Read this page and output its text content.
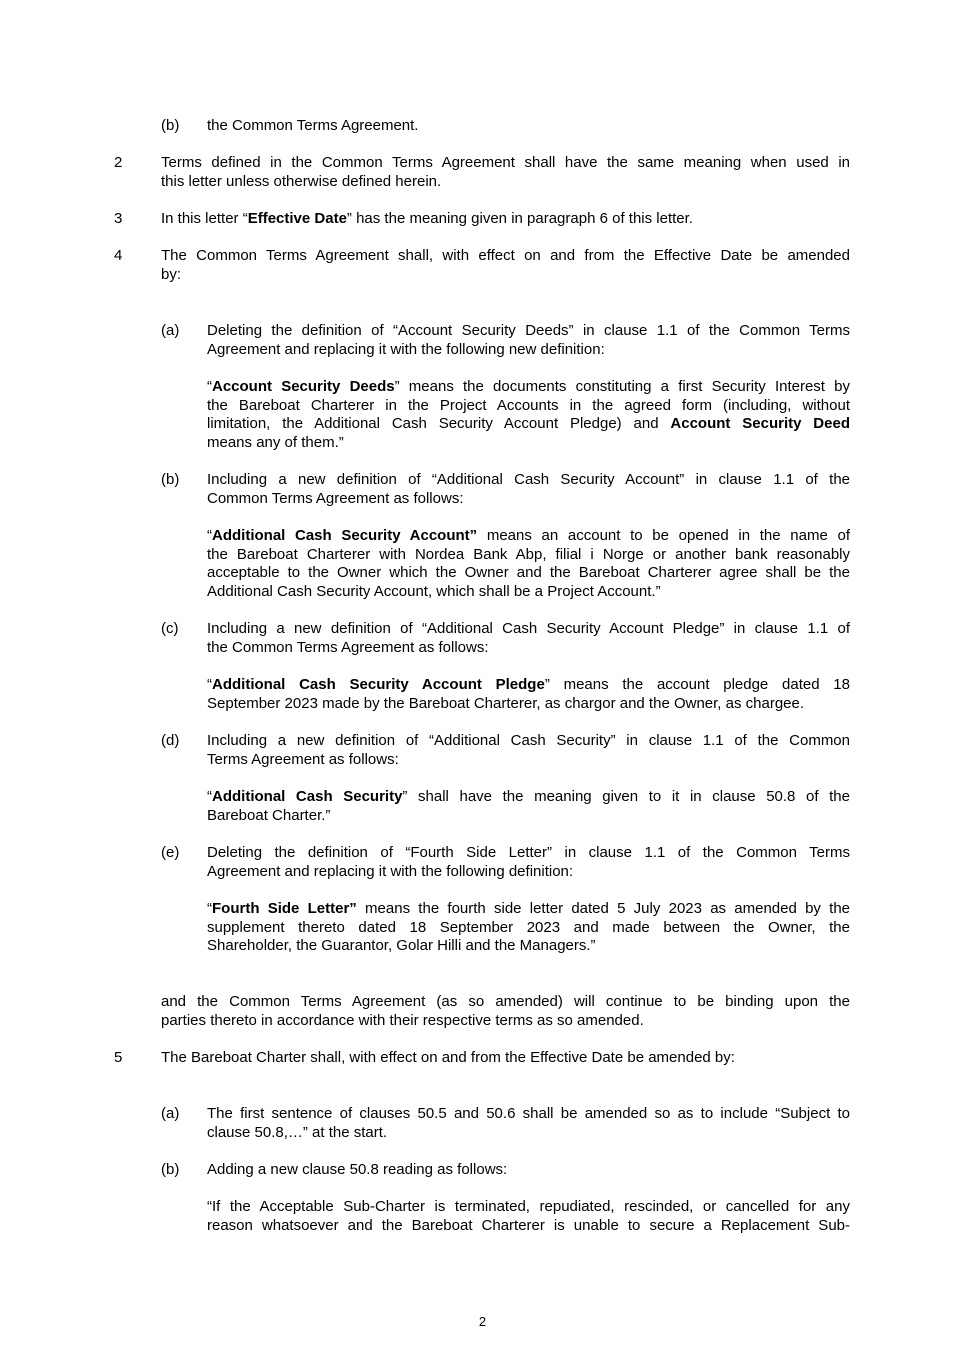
(b) the Common Terms Agreement.
2	Terms defined in the Common Terms Agreement shall have the same meaning when used in
this letter unless otherwise defined herein.
3	In this letter “Effective Date” has the meaning given in paragraph 6 of this letter.
4	The Common Terms Agreement shall, with effect on and from the Effective Date be amended
by:
(a) Deleting the definition of “Account Security Deeds” in clause 1.1 of the Common Terms
Agreement and replacing it with the following new definition:
“Account Security Deeds” means the documents constituting a first Security Interest by
the Bareboat Charterer in the Project Accounts in the agreed form (including, without
limitation, the Additional Cash Security Account Pledge) and Account Security Deed
means any of them.”
(b) Including a new definition of “Additional Cash Security Account” in clause 1.1 of the
Common Terms Agreement as follows:
“Additional Cash Security Account” means an account to be opened in the name of
the Bareboat Charterer with Nordea Bank Abp, filial i Norge or another bank reasonably
acceptable to the Owner which the Owner and the Bareboat Charterer agree shall be the
Additional Cash Security Account, which shall be a Project Account.”
(c) Including a new definition of “Additional Cash Security Account Pledge” in clause 1.1 of
the Common Terms Agreement as follows:
“Additional Cash Security Account Pledge” means the account pledge dated 18
September 2023 made by the Bareboat Charterer, as chargor and the Owner, as chargee.
(d) Including a new definition of “Additional Cash Security” in clause 1.1 of the Common
Terms Agreement as follows:
“Additional Cash Security” shall have the meaning given to it in clause 50.8 of the
Bareboat Charter.”
(e) Deleting the definition of “Fourth Side Letter” in clause 1.1 of the Common Terms
Agreement and replacing it with the following definition:
“Fourth Side Letter” means the fourth side letter dated 5 July 2023 as amended by the
supplement thereto dated 18 September 2023 and made between the Owner, the
Shareholder, the Guarantor, Golar Hilli and the Managers.”
and the Common Terms Agreement (as so amended) will continue to be binding upon the
parties thereto in accordance with their respective terms as so amended.
5	The Bareboat Charter shall, with effect on and from the Effective Date be amended by:
(a) The first sentence of clauses 50.5 and 50.6 shall be amended so as to include “Subject to
clause 50.8,…” at the start.
(b) Adding a new clause 50.8 reading as follows:
“If the Acceptable Sub-Charter is terminated, repudiated, rescinded, or cancelled for any
reason whatsoever and the Bareboat Charterer is unable to secure a Replacement Sub-
2
